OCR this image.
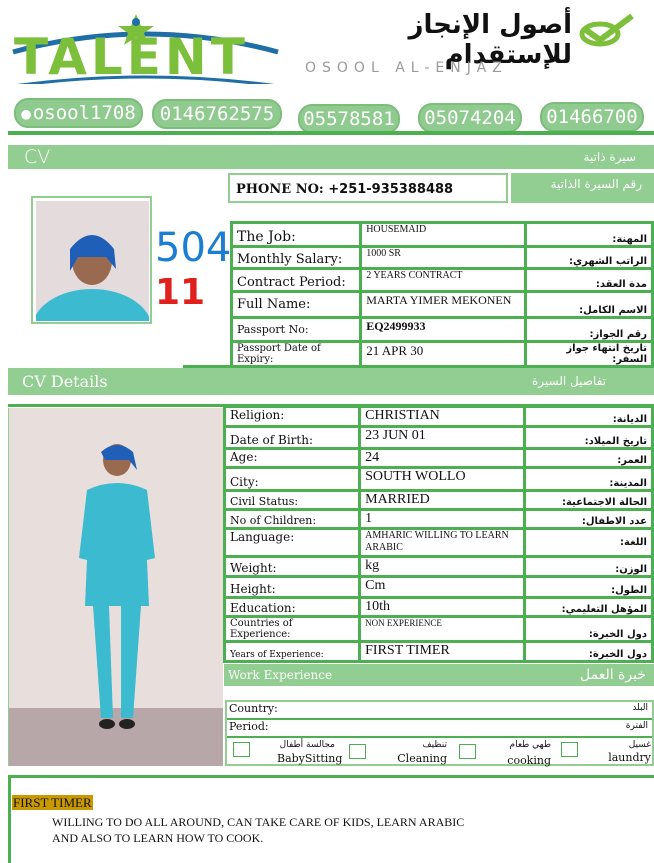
TALENT
أصول الإنجاز للإستقدام
OSOOL AL-ENJAZ
● osool1708	0146762575	05578581	05074204	01466700
CV	سيرة ذاتية
PHONE NO: +251-935388488	رقم السيرة الذاتية
504
11
The Job:	HOUSEMAID	المهنة:
Monthly Salary:	1000 SR	الراتب الشهري:
Contract Period:	2 YEARS CONTRACT	مدة العقد:
Full Name:	MARTA YIMER MEKONEN	الاسم الكامل:
Passport No:	EQ2499933	رقم الجواز:
Passport Date of Expiry:	21 APR 30	تاريخ انتهاء جواز السفر:
CV Details	تفاصيل السيرة
Religion:	CHRISTIAN	الديانة:
Date of Birth:	23 JUN 01	تاريخ الميلاد:
Age:	24	العمر:
City:	SOUTH WOLLO	المدينة:
Civil Status:	MARRIED	الحالة الاجتماعية:
No of Children:	1	عدد الاطفال:
Language:	AMHARIC WILLING TO LEARN ARABIC	اللغة:
Weight:	kg	الوزن:
Height:	Cm	الطول:
Education:	10th	المؤهل التعليمي:
Countries of Experience:	NON EXPERIENCE	دول الخبرة:
Years of Experience:	FIRST TIMER	دول الخبرة:
Work Experience	خبرة العمل
Country:	البلد
Period:	الفترة
مجالسة أطفال
BabySitting
تنظيف
Cleaning
طهي طعام
cooking
غسيل
laundry
FIRST TIMER
WILLING TO DO ALL AROUND, CAN TAKE CARE OF KIDS, LEARN ARABIC
AND ALSO TO LEARN HOW TO COOK.
